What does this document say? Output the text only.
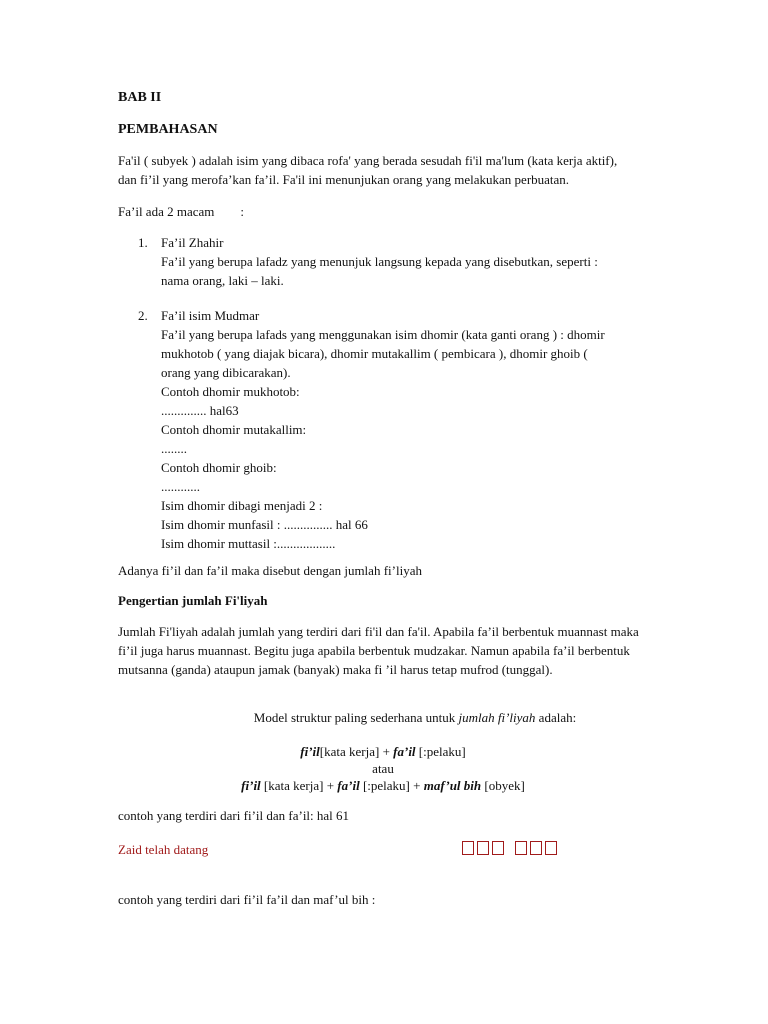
BAB II

PEMBAHASAN

Fa'il ( subyek ) adalah isim yang dibaca rofa' yang berada sesudah fi'il ma'lum (kata kerja aktif), dan fi’il yang merofa’kan fa’il. Fa'il ini menunjukan orang yang melakukan perbuatan.

Fa’il ada 2 macam :

1. Fa’il Zhahir
Fa’il yang berupa lafadz yang menunjuk langsung kepada yang disebutkan, seperti :
nama orang, laki – laki.
2. Fa’il isim Mudmar
Fa’il yang berupa lafads yang menggunakan isim dhomir (kata ganti orang ) : dhomir
mukhotob ( yang diajak bicara), dhomir mutakallim ( pembicara ), dhomir ghoib (
orang yang dibicarakan).
Contoh dhomir mukhotob:
.............. hal63
Contoh dhomir mutakallim:
........
Contoh dhomir ghoib:
............
Isim dhomir dibagi menjadi 2 :
Isim dhomir munfasil : ............... hal 66
Isim dhomir muttasil :..................

Adanya fi’il dan fa’il maka disebut dengan jumlah fi’liyah

Pengertian jumlah Fi'liyah

Jumlah Fi'liyah adalah jumlah yang terdiri dari fi'il dan fa'il. Apabila fa’il berbentuk muannast maka fi’il juga harus muannast. Begitu juga apabila berbentuk mudzakar. Namun apabila fa’il berbentuk mutsanna (ganda) ataupun jamak (banyak) maka fi ’il harus tetap mufrod (tunggal).

Model struktur paling sederhana untuk jumlah fi’liyah adalah:

fi’il[kata kerja] + fa’il [:pelaku]
atau
fi’il [kata kerja] + fa’il [:pelaku] + maf’ul bih [obyek]

contoh yang terdiri dari fi’il dan fa’il: hal 61

Zaid telah datang

contoh yang terdiri dari fi’il fa’il dan maf’ul bih :
